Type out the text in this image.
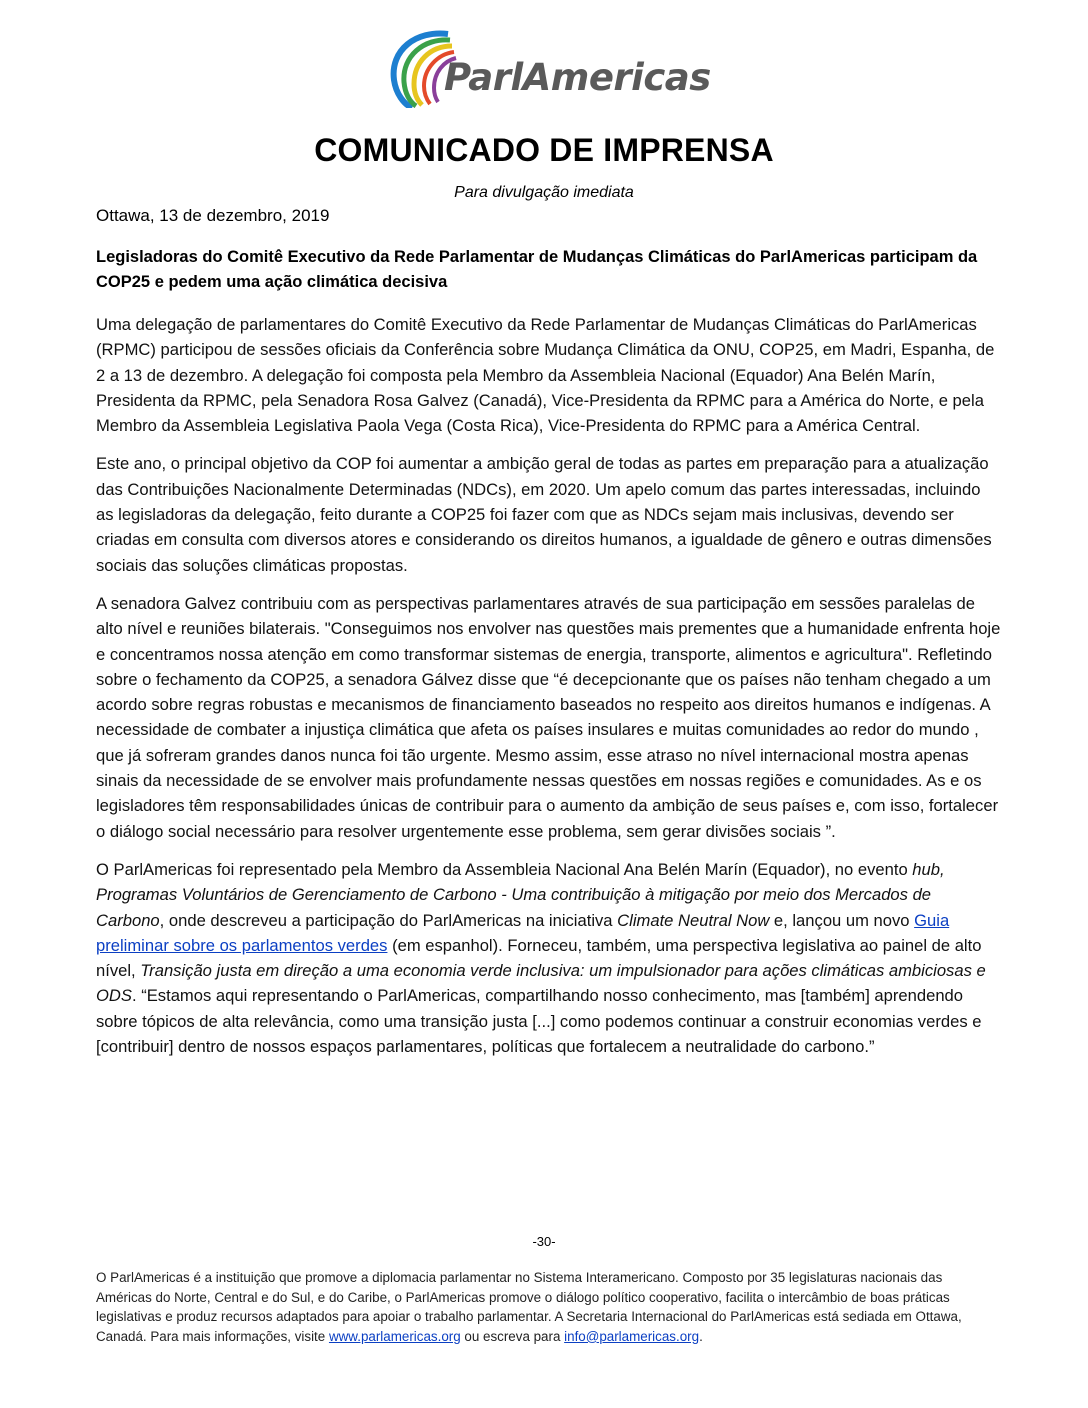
ParlAmericas
COMUNICADO DE IMPRENSA
Para divulgação imediata
Ottawa, 13 de dezembro, 2019
Legisladoras do Comitê Executivo da Rede Parlamentar de Mudanças Climáticas do ParlAmericas participam da COP25 e pedem uma ação climática decisiva

Uma delegação de parlamentares do Comitê Executivo da Rede Parlamentar de Mudanças Climáticas do ParlAmericas (RPMC) participou de sessões oficiais da Conferência sobre Mudança Climática da ONU, COP25, em Madri, Espanha, de 2 a 13 de dezembro. A delegação foi composta pela Membro da Assembleia Nacional (Equador) Ana Belén Marín, Presidenta da RPMC, pela Senadora Rosa Galvez (Canadá), Vice-Presidenta da RPMC para a América do Norte, e pela Membro da Assembleia Legislativa Paola Vega (Costa Rica), Vice-Presidenta do RPMC para a América Central.

Este ano, o principal objetivo da COP foi aumentar a ambição geral de todas as partes em preparação para a atualização das Contribuições Nacionalmente Determinadas (NDCs), em 2020. Um apelo comum das partes interessadas, incluindo as legisladoras da delegação, feito durante a COP25 foi fazer com que as NDCs sejam mais inclusivas, devendo ser criadas em consulta com diversos atores e considerando os direitos humanos, a igualdade de gênero e outras dimensões sociais das soluções climáticas propostas.

A senadora Galvez contribuiu com as perspectivas parlamentares através de sua participação em sessões paralelas de alto nível e reuniões bilaterais. "Conseguimos nos envolver nas questões mais prementes que a humanidade enfrenta hoje e concentramos nossa atenção em como transformar sistemas de energia, transporte, alimentos e agricultura". Refletindo sobre o fechamento da COP25, a senadora Gálvez disse que “é decepcionante que os países não tenham chegado a um acordo sobre regras robustas e mecanismos de financiamento baseados no respeito aos direitos humanos e indígenas. A necessidade de combater a injustiça climática que afeta os países insulares e muitas comunidades ao redor do mundo , que já sofreram grandes danos nunca foi tão urgente. Mesmo assim, esse atraso no nível internacional mostra apenas sinais da necessidade de se envolver mais profundamente nessas questões em nossas regiões e comunidades. As e os legisladores têm responsabilidades únicas de contribuir para o aumento da ambição de seus países e, com isso, fortalecer o diálogo social necessário para resolver urgentemente esse problema, sem gerar divisões sociais ”.

O ParlAmericas foi representado pela Membro da Assembleia Nacional Ana Belén Marín (Equador), no evento hub, Programas Voluntários de Gerenciamento de Carbono - Uma contribuição à mitigação por meio dos Mercados de Carbono, onde descreveu a participação do ParlAmericas na iniciativa Climate Neutral Now e, lançou um novo Guia preliminar sobre os parlamentos verdes (em espanhol). Forneceu, também, uma perspectiva legislativa ao painel de alto nível, Transição justa em direção a uma economia verde inclusiva: um impulsionador para ações climáticas ambiciosas e ODS. “Estamos aqui representando o ParlAmericas, compartilhando nosso conhecimento, mas [também] aprendendo sobre tópicos de alta relevância, como uma transição justa [...] como podemos continuar a construir economias verdes e [contribuir] dentro de nossos espaços parlamentares, políticas que fortalecem a neutralidade do carbono.”

-30-
O ParlAmericas é a instituição que promove a diplomacia parlamentar no Sistema Interamericano. Composto por 35 legislaturas nacionais das Américas do Norte, Central e do Sul, e do Caribe, o ParlAmericas promove o diálogo político cooperativo, facilita o intercâmbio de boas práticas legislativas e produz recursos adaptados para apoiar o trabalho parlamentar. A Secretaria Internacional do ParlAmericas está sediada em Ottawa, Canadá. Para mais informações, visite www.parlamericas.org ou escreva para info@parlamericas.org.
